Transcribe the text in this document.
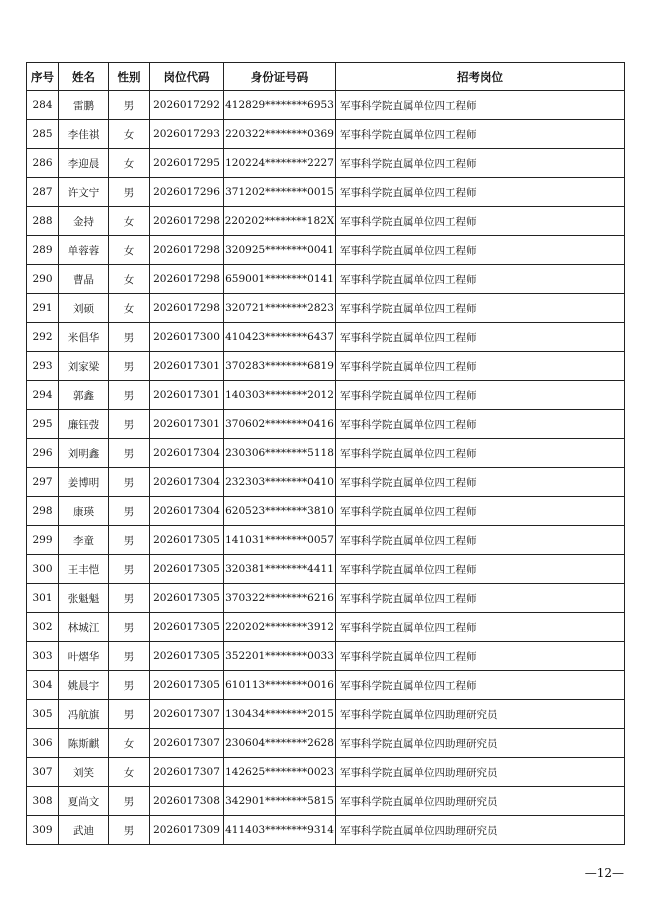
序号	姓名	性别	岗位代码	身份证号码	招考岗位
284	雷鹏	男	2026017292	412829********6953	军事科学院直属单位四工程师
285	李佳祺	女	2026017293	220322********0369	军事科学院直属单位四工程师
286	李迎晨	女	2026017295	120224********2227	军事科学院直属单位四工程师
287	许文宁	男	2026017296	371202********0015	军事科学院直属单位四工程师
288	金持	女	2026017298	220202********182X	军事科学院直属单位四工程师
289	单蓉蓉	女	2026017298	320925********0041	军事科学院直属单位四工程师
290	曹晶	女	2026017298	659001********0141	军事科学院直属单位四工程师
291	刘硕	女	2026017298	320721********2823	军事科学院直属单位四工程师
292	米倡华	男	2026017300	410423********6437	军事科学院直属单位四工程师
293	刘家梁	男	2026017301	370283********6819	军事科学院直属单位四工程师
294	郭鑫	男	2026017301	140303********2012	军事科学院直属单位四工程师
295	廉钰弢	男	2026017301	370602********0416	军事科学院直属单位四工程师
296	刘明鑫	男	2026017304	230306********5118	军事科学院直属单位四工程师
297	姜博明	男	2026017304	232303********0410	军事科学院直属单位四工程师
298	康瑛	男	2026017304	620523********3810	军事科学院直属单位四工程师
299	李童	男	2026017305	141031********0057	军事科学院直属单位四工程师
300	王丰恺	男	2026017305	320381********4411	军事科学院直属单位四工程师
301	张魁魁	男	2026017305	370322********6216	军事科学院直属单位四工程师
302	林城江	男	2026017305	220202********3912	军事科学院直属单位四工程师
303	叶熠华	男	2026017305	352201********0033	军事科学院直属单位四工程师
304	姚晨宇	男	2026017305	610113********0016	军事科学院直属单位四工程师
305	冯航旗	男	2026017307	130434********2015	军事科学院直属单位四助理研究员
306	陈斯麒	女	2026017307	230604********2628	军事科学院直属单位四助理研究员
307	刘笑	女	2026017307	142625********0023	军事科学院直属单位四助理研究员
308	夏尚文	男	2026017308	342901********5815	军事科学院直属单位四助理研究员
309	武迪	男	2026017309	411403********9314	军事科学院直属单位四助理研究员
—12—
